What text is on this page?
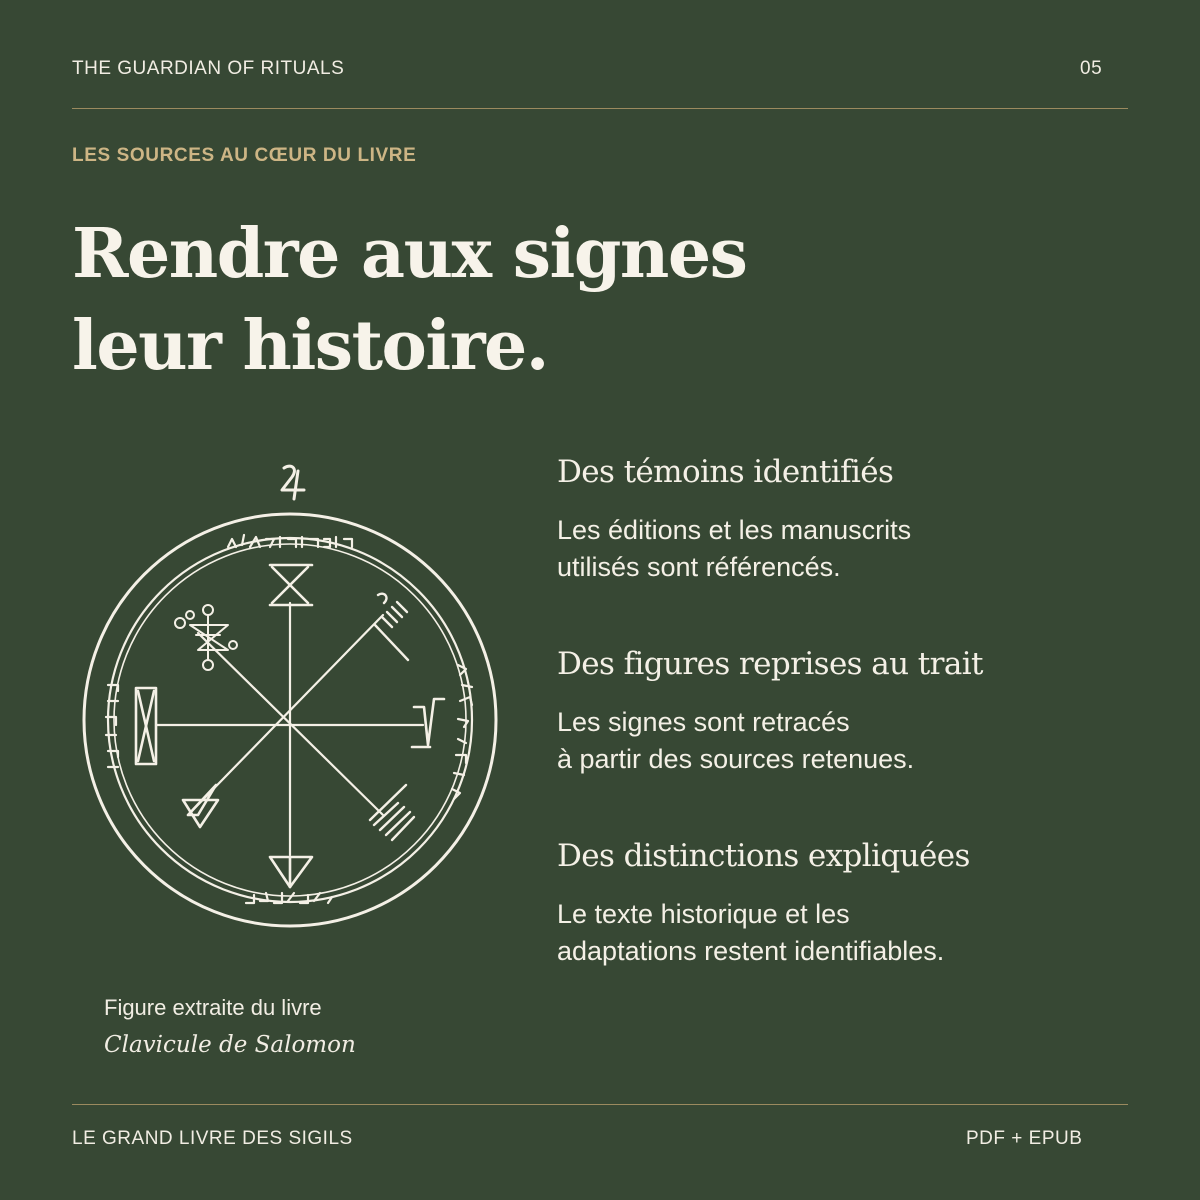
THE GUARDIAN OF RITUALS	05
LES SOURCES AU CŒUR DU LIVRE
Rendre aux signes
leur histoire.
Figure extraite du livre
Clavicule de Salomon
Des témoins identifiés
Les éditions et les manuscrits
utilisés sont référencés.
Des figures reprises au trait
Les signes sont retracés
à partir des sources retenues.
Des distinctions expliquées
Le texte historique et les
adaptations restent identifiables.
LE GRAND LIVRE DES SIGILS	PDF + EPUB
